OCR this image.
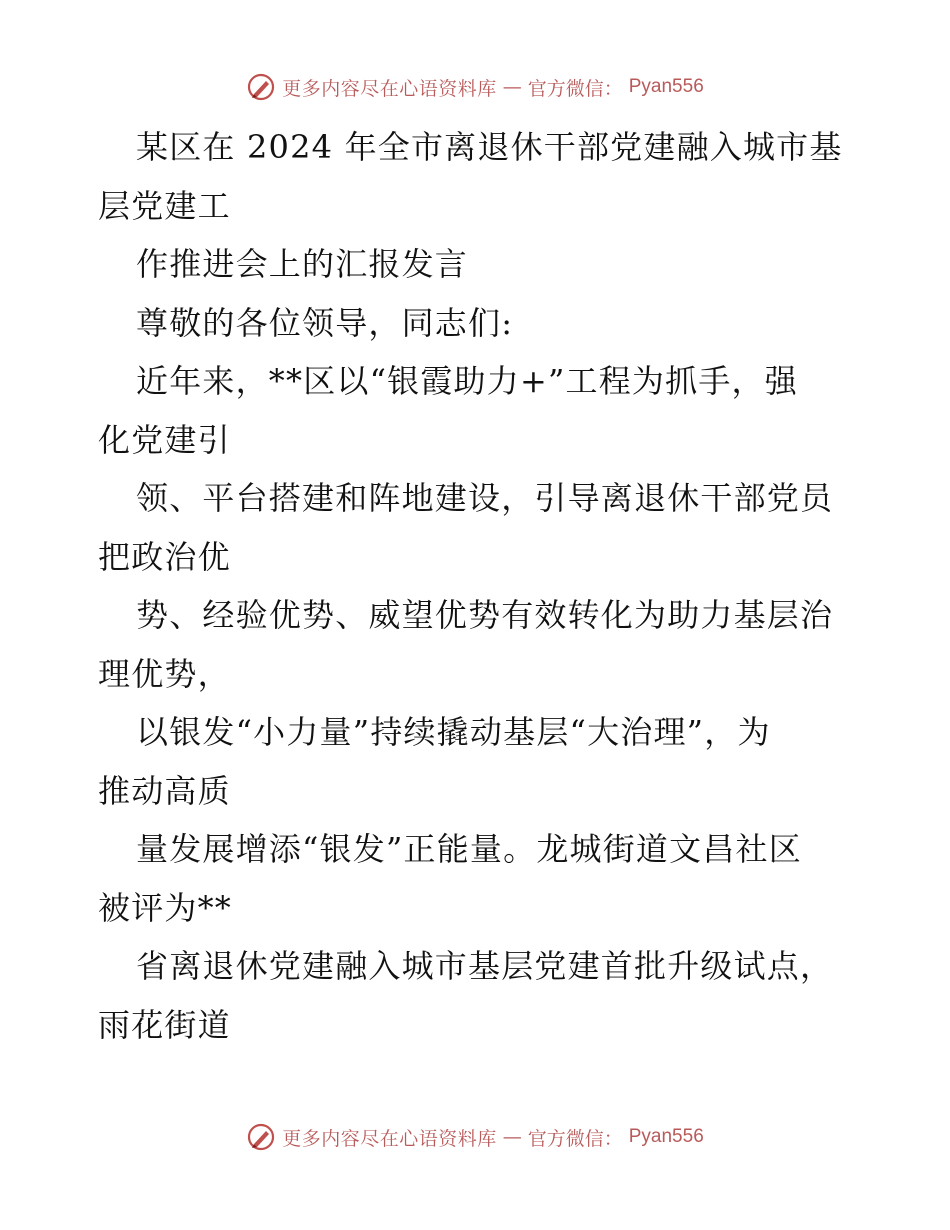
更多内容尽在心语资料库 — 官方微信： Pyan556
某区在 2024 年全市离退休干部党建融入城市基
层党建工
作推进会上的汇报发言
尊敬的各位领导，同志们:
近年来，**区以“银霞助力+”工程为抓手，强
化党建引
领、平台搭建和阵地建设，引导离退休干部党员
把政治优
势、经验优势、威望优势有效转化为助力基层治
理优势，
以银发“小力量”持续撬动基层“大治理”，为
推动高质
量发展增添“银发”正能量。龙城街道文昌社区
被评为**
省离退休党建融入城市基层党建首批升级试点，
雨花街道
更多内容尽在心语资料库 — 官方微信： Pyan556
